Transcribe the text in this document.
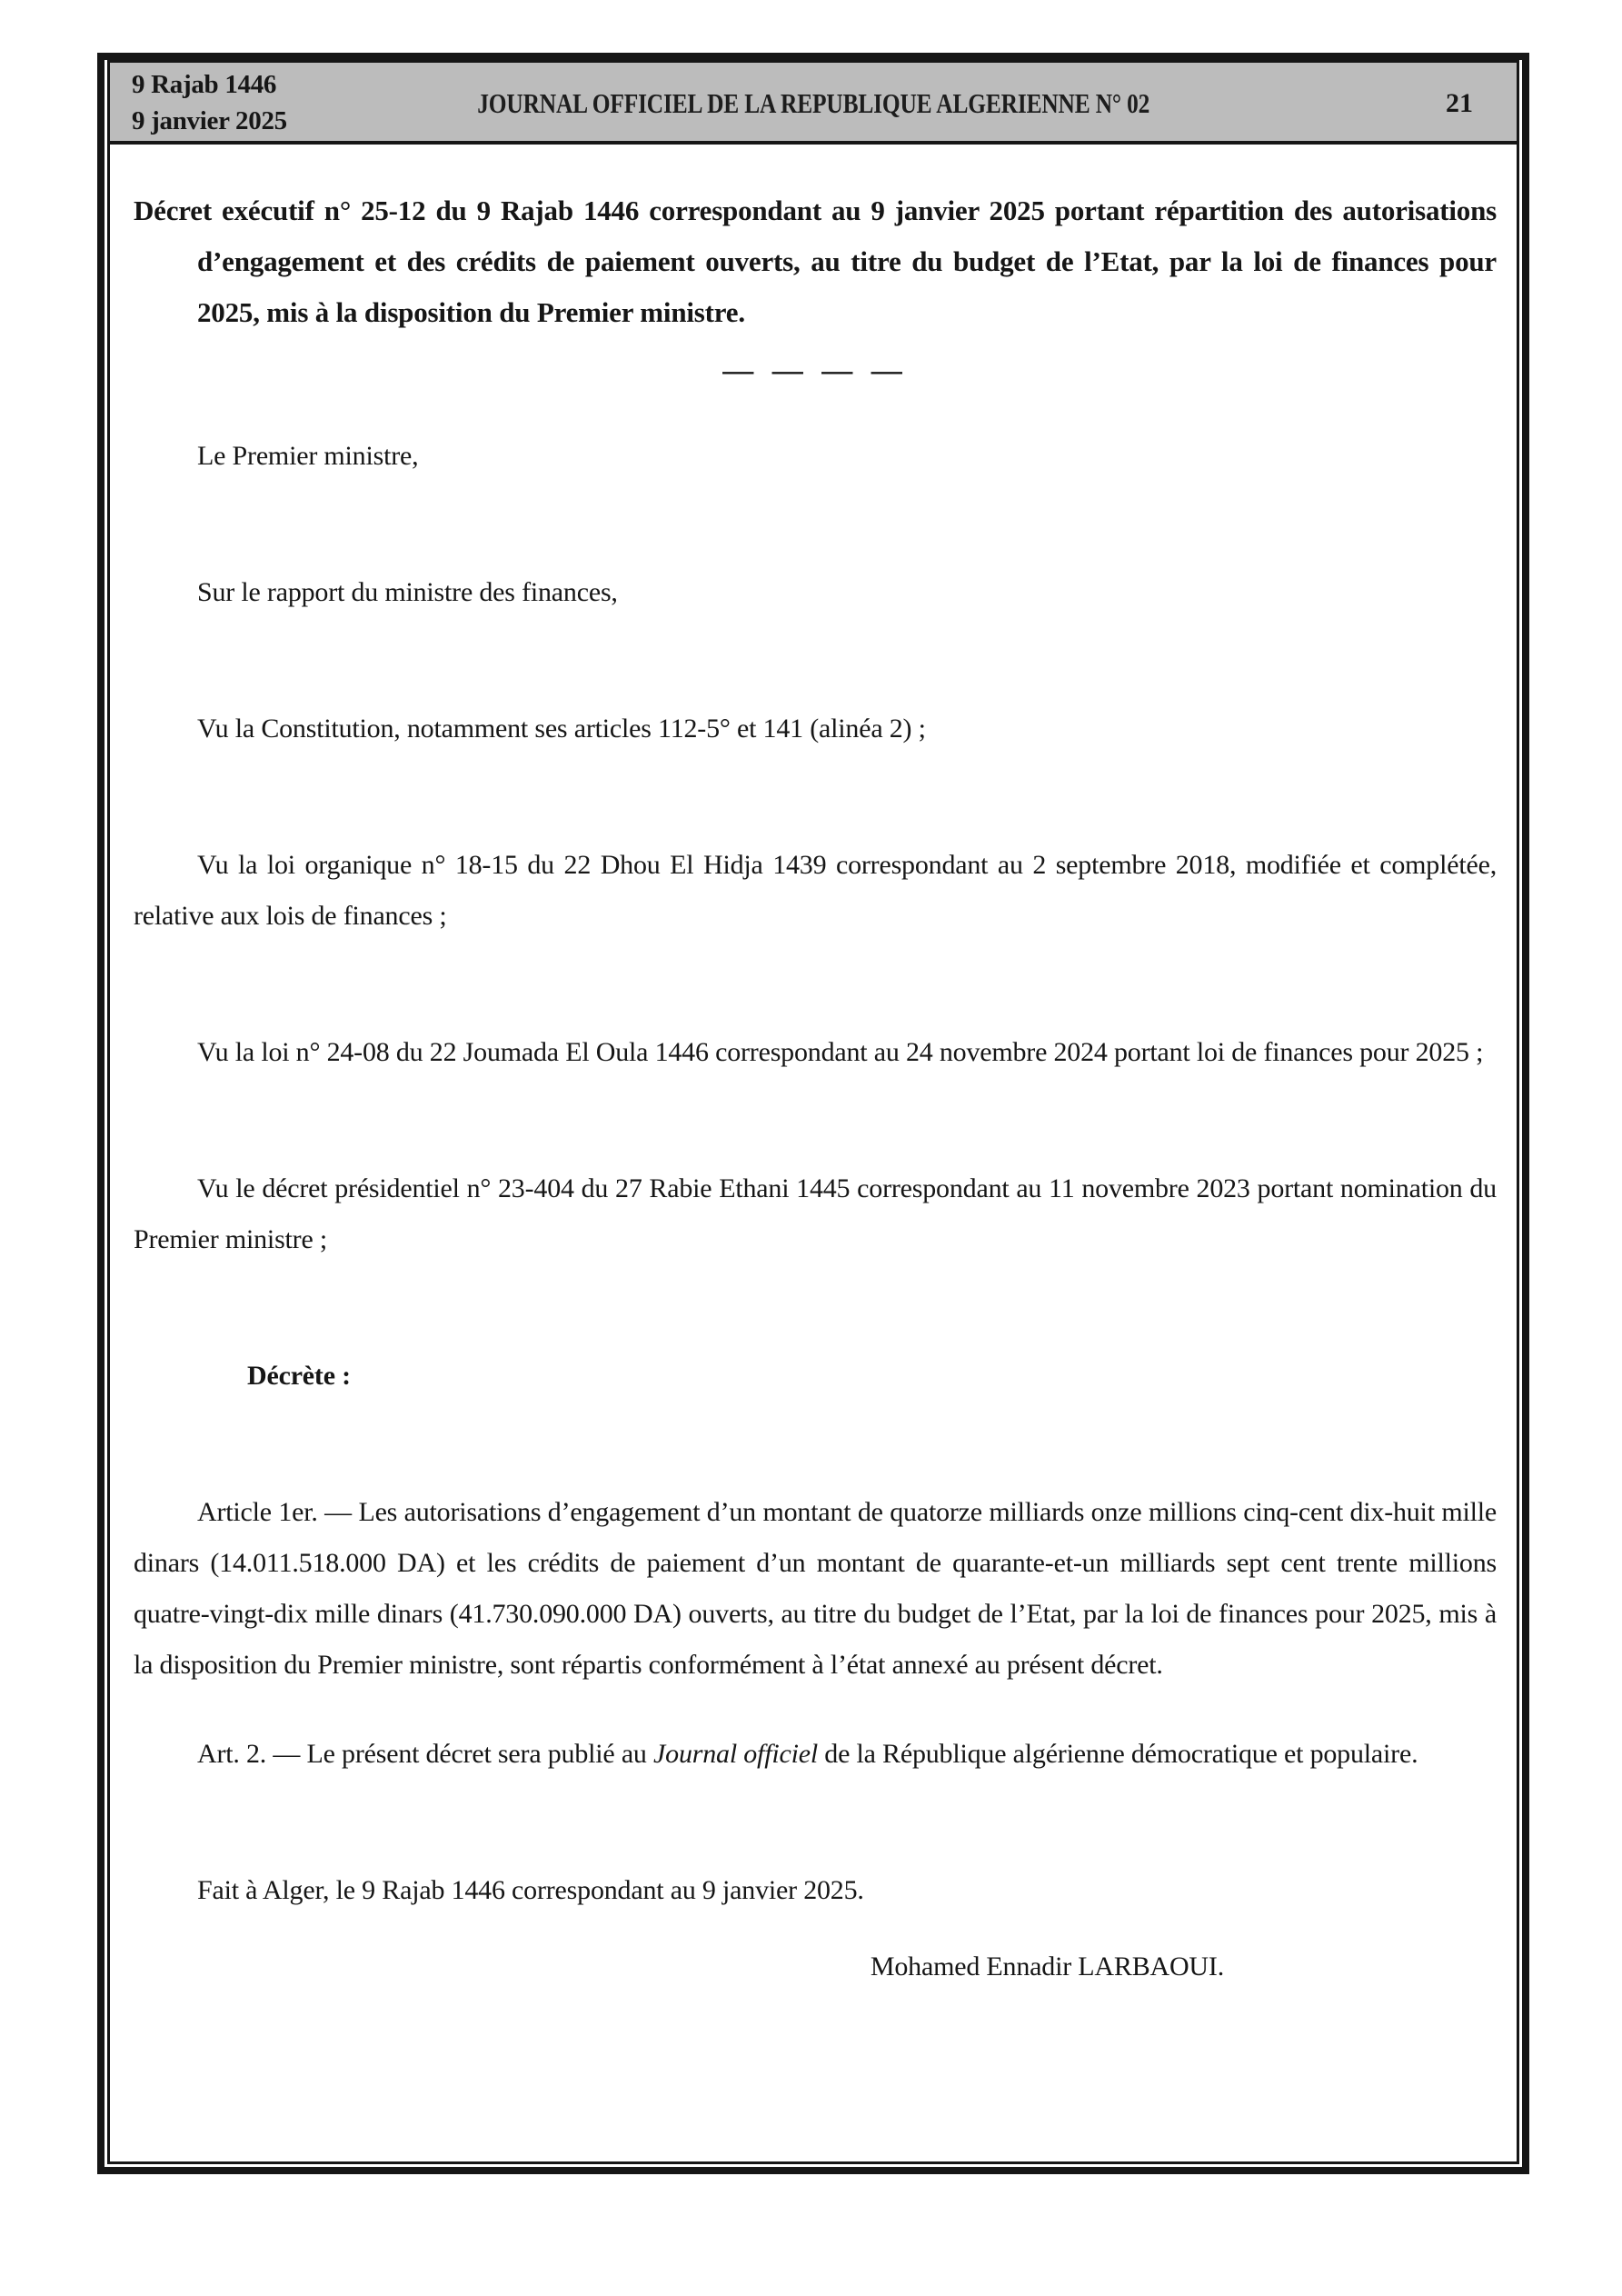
9 Rajab 1446
9 janvier 2025
JOURNAL OFFICIEL DE LA REPUBLIQUE ALGERIENNE N° 02	21

Décret exécutif n° 25-12 du 9 Rajab 1446 correspondant au 9 janvier 2025 portant répartition des autorisations d’engagement et des crédits de paiement ouverts, au titre du budget de l’Etat, par la loi de finances pour 2025, mis à la disposition du Premier ministre.

— — — —

Le Premier ministre,

Sur le rapport du ministre des finances,

Vu la Constitution, notamment ses articles 112-5° et 141 (alinéa 2) ;

Vu la loi organique n° 18-15 du 22 Dhou El Hidja 1439 correspondant au 2 septembre 2018, modifiée et complétée, relative aux lois de finances ;

Vu la loi n° 24-08 du 22 Joumada El Oula 1446 correspondant au 24 novembre 2024 portant loi de finances pour 2025 ;

Vu le décret présidentiel n° 23-404 du 27 Rabie Ethani 1445 correspondant au 11 novembre 2023 portant nomination du Premier ministre ;

Décrète :

Article 1er. — Les autorisations d’engagement d’un montant de quatorze milliards onze millions cinq-cent dix-huit mille dinars (14.011.518.000 DA) et les crédits de paiement d’un montant de quarante-et-un milliards sept cent trente millions quatre-vingt-dix mille dinars (41.730.090.000 DA) ouverts, au titre du budget de l’Etat, par la loi de finances pour 2025, mis à la disposition du Premier ministre, sont répartis conformément à l’état annexé au présent décret.

Art. 2. — Le présent décret sera publié au Journal officiel de la République algérienne démocratique et populaire.

Fait à Alger, le 9 Rajab 1446 correspondant au 9 janvier 2025.

Mohamed Ennadir LARBAOUI.
